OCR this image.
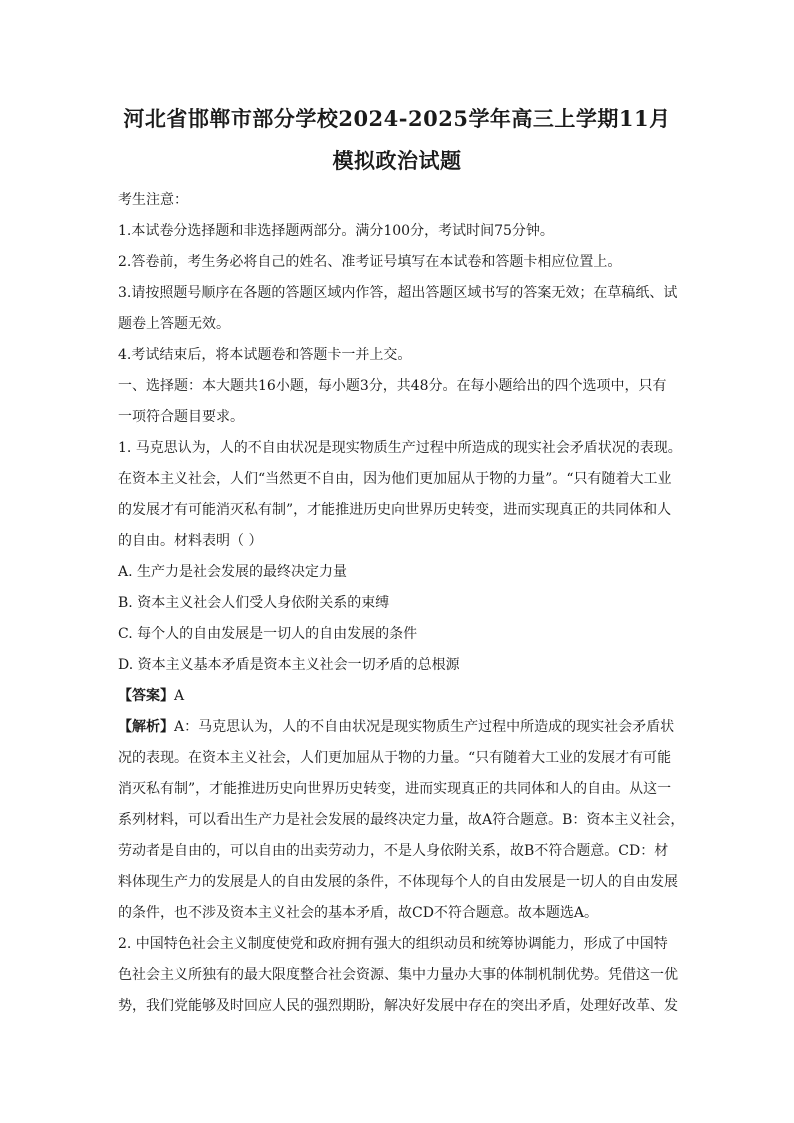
河北省邯郸市部分学校2024-2025学年高三上学期11月
模拟政治试题
考生注意：
1.本试卷分选择题和非选择题两部分。满分100分，考试时间75分钟。
2.答卷前，考生务必将自己的姓名、准考证号填写在本试卷和答题卡相应位置上。
3.请按照题号顺序在各题的答题区域内作答，超出答题区域书写的答案无效；在草稿纸、试
题卷上答题无效。
4.考试结束后，将本试题卷和答题卡一并上交。
一、选择题：本大题共16小题，每小题3分，共48分。在每小题给出的四个选项中，只有
一项符合题目要求。
1. 马克思认为，人的不自由状况是现实物质生产过程中所造成的现实社会矛盾状况的表现。
在资本主义社会，人们“当然更不自由，因为他们更加屈从于物的力量”。“只有随着大工业
的发展才有可能消灭私有制”，才能推进历史向世界历史转变，进而实现真正的共同体和人
的自由。材料表明（ ）
A. 生产力是社会发展的最终决定力量
B. 资本主义社会人们受人身依附关系的束缚
C. 每个人的自由发展是一切人的自由发展的条件
D. 资本主义基本矛盾是资本主义社会一切矛盾的总根源
【答案】A
【解析】A：马克思认为，人的不自由状况是现实物质生产过程中所造成的现实社会矛盾状
况的表现。在资本主义社会，人们更加屈从于物的力量。“只有随着大工业的发展才有可能
消灭私有制”，才能推进历史向世界历史转变，进而实现真正的共同体和人的自由。从这一
系列材料，可以看出生产力是社会发展的最终决定力量，故A符合题意。B：资本主义社会，
劳动者是自由的，可以自由的出卖劳动力，不是人身依附关系，故B不符合题意。CD：材
料体现生产力的发展是人的自由发展的条件，不体现每个人的自由发展是一切人的自由发展
的条件，也不涉及资本主义社会的基本矛盾，故CD不符合题意。故本题选A。
2. 中国特色社会主义制度使党和政府拥有强大的组织动员和统筹协调能力，形成了中国特
色社会主义所独有的最大限度整合社会资源、集中力量办大事的体制机制优势。凭借这一优
势，我们党能够及时回应人民的强烈期盼，解决好发展中存在的突出矛盾，处理好改革、发
